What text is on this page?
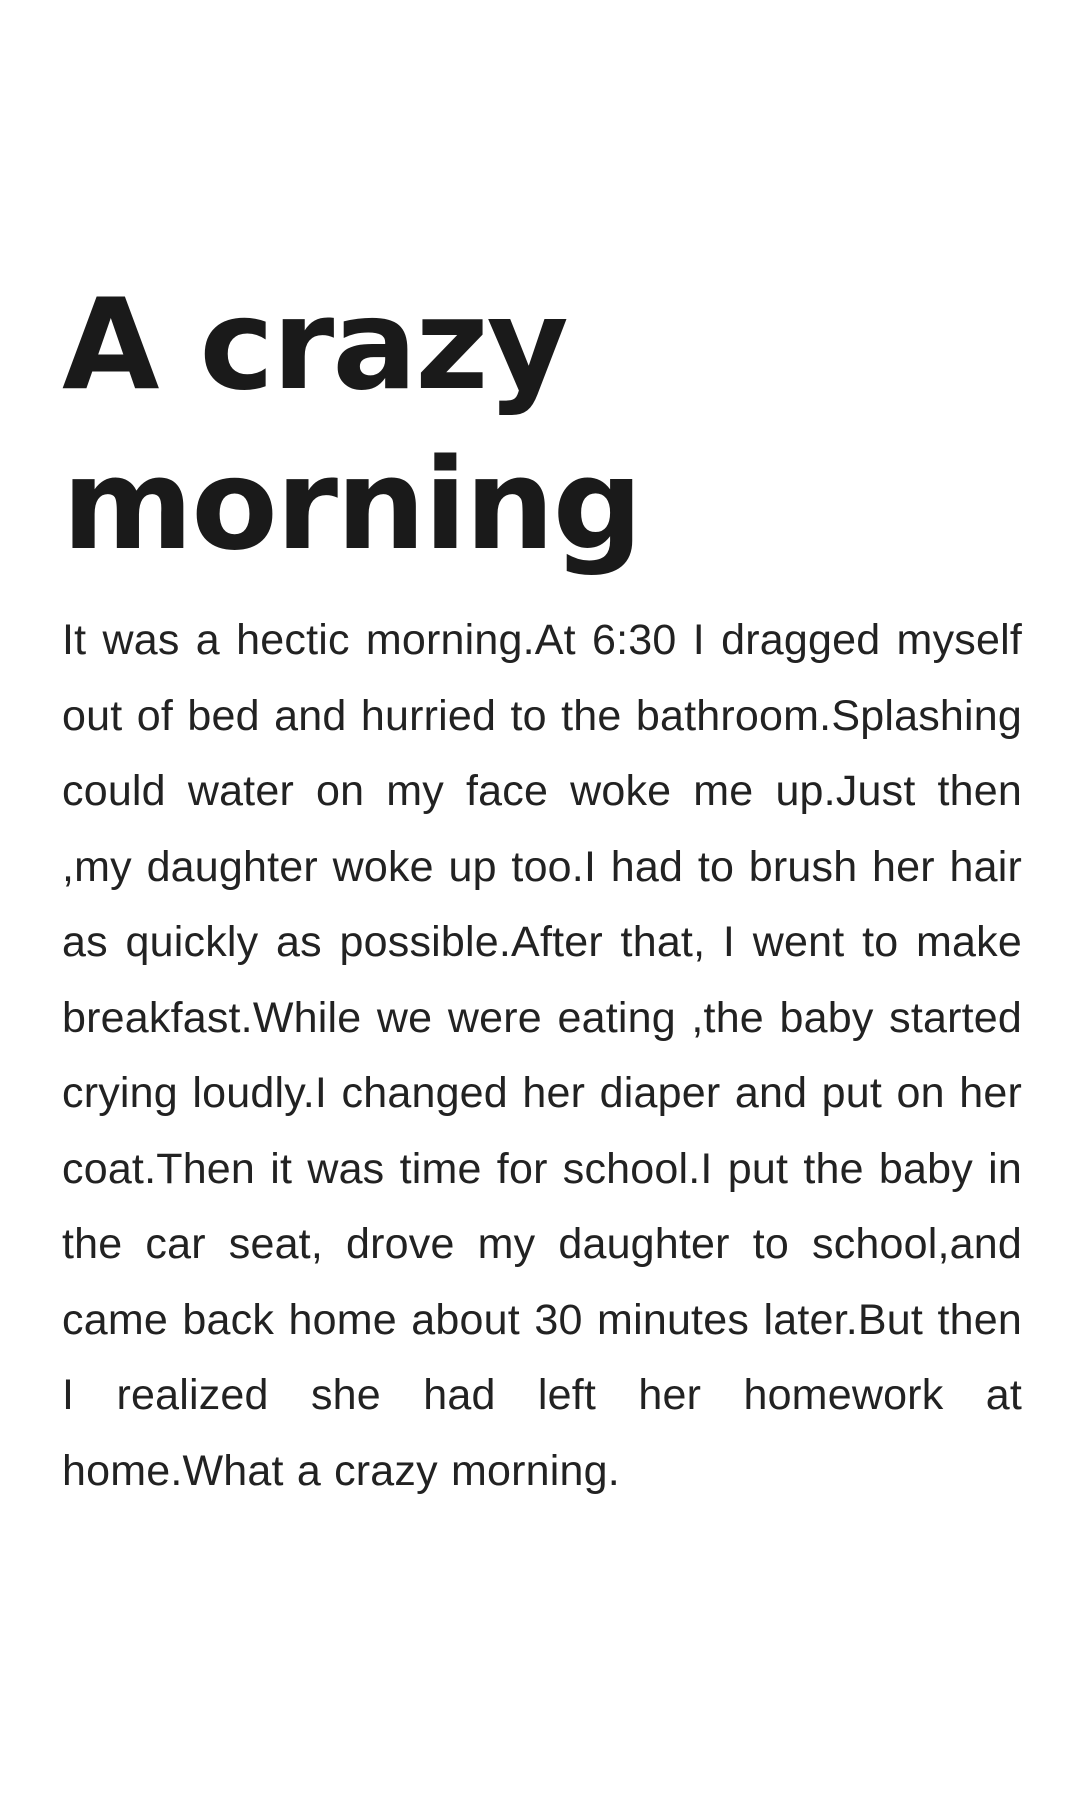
A crazy morning

It was a hectic morning.At 6:30 I dragged myself out of bed and hurried to the bathroom.Splashing could water on my face woke me up.Just then ,my daughter woke up too.I had to brush her hair as quickly as possible.After that, I went to make breakfast.While we were eating ,the baby started crying loudly.I changed her diaper and put on her coat.Then it was time for school.I put the baby in the car seat, drove my daughter to school,and came back home about 30 minutes later.But then I realized she had left her homework at home.What a crazy morning.
